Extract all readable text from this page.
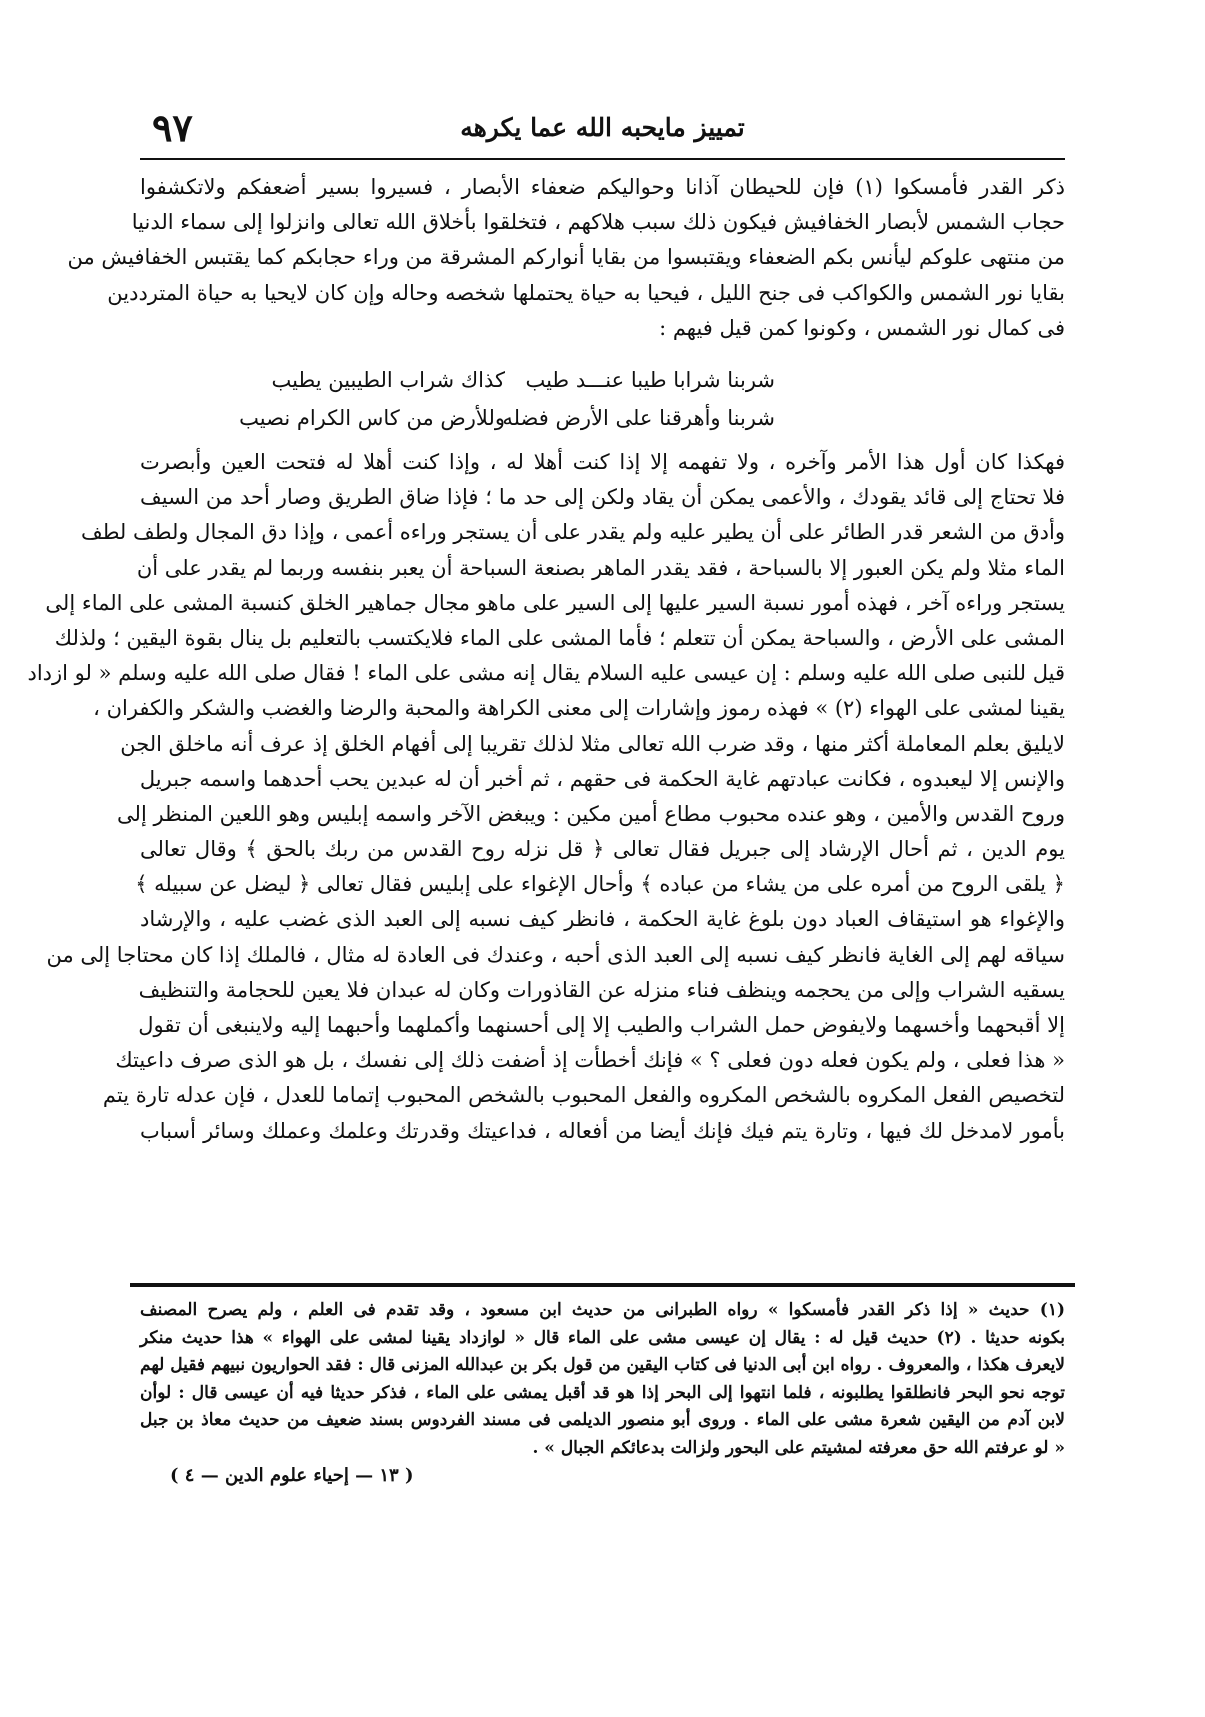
تمييز مايحبه الله عما يكرهه
٩٧
ذكر القدر فأمسكوا (١) فإن للحيطان آذانا وحواليكم ضعفاء الأبصار ، فسيروا بسير أضعفكم ولاتكشفوا
حجاب الشمس لأبصار الخفافيش فيكون ذلك سبب هلاكهم ، فتخلقوا بأخلاق الله تعالى وانزلوا إلى سماء الدنيا
من منتهى علوكم ليأنس بكم الضعفاء ويقتبسوا من بقايا أنواركم المشرقة من وراء حجابكم كما يقتبس الخفافيش من
بقايا نور الشمس والكواكب فى جنح الليل ، فيحيا به حياة يحتملها شخصه وحاله وإن كان لايحيا به حياة المترددين
فى كمال نور الشمس ، وكونوا كمن قيل فيهم :
شربنا شرابا طيبا عنـــد طيب
كذاك شراب الطيبين يطيب
شربنا وأهرقنا على الأرض فضله
وللأرض من كاس الكرام نصيب
فهكذا كان أول هذا الأمر وآخره ، ولا تفهمه إلا إذا كنت أهلا له ، وإذا كنت أهلا له فتحت العين وأبصرت
فلا تحتاج إلى قائد يقودك ، والأعمى يمكن أن يقاد ولكن إلى حد ما ؛ فإذا ضاق الطريق وصار أحد من السيف
وأدق من الشعر قدر الطائر على أن يطير عليه ولم يقدر على أن يستجر وراءه أعمى ، وإذا دق المجال ولطف لطف
الماء مثلا ولم يكن العبور إلا بالسباحة ، فقد يقدر الماهر بصنعة السباحة أن يعبر بنفسه وربما لم يقدر على أن
يستجر وراءه آخر ، فهذه أمور نسبة السير عليها إلى السير على ماهو مجال جماهير الخلق كنسبة المشى على الماء إلى
المشى على الأرض ، والسباحة يمكن أن تتعلم ؛ فأما المشى على الماء فلايكتسب بالتعليم بل ينال بقوة اليقين ؛ ولذلك
قيل للنبى صلى الله عليه وسلم : إن عيسى عليه السلام يقال إنه مشى على الماء ! فقال صلى الله عليه وسلم « لو ازداد
يقينا لمشى على الهواء (٢) » فهذه رموز وإشارات إلى معنى الكراهة والمحبة والرضا والغضب والشكر والكفران ،
لايليق بعلم المعاملة أكثر منها ، وقد ضرب الله تعالى مثلا لذلك تقريبا إلى أفهام الخلق إذ عرف أنه ماخلق الجن
والإنس إلا ليعبدوه ، فكانت عبادتهم غاية الحكمة فى حقهم ، ثم أخبر أن له عبدين يحب أحدهما واسمه جبريل
وروح القدس والأمين ، وهو عنده محبوب مطاع أمين مكين : ويبغض الآخر واسمه إبليس وهو اللعين المنظر إلى
يوم الدين ، ثم أحال الإرشاد إلى جبريل فقال تعالى ﴿ قل نزله روح القدس من ربك بالحق ﴾ وقال تعالى
﴿ يلقى الروح من أمره على من يشاء من عباده ﴾ وأحال الإغواء على إبليس فقال تعالى ﴿ ليضل عن سبيله ﴾
والإغواء هو استيقاف العباد دون بلوغ غاية الحكمة ، فانظر كيف نسبه إلى العبد الذى غضب عليه ، والإرشاد
سياقه لهم إلى الغاية فانظر كيف نسبه إلى العبد الذى أحبه ، وعندك فى العادة له مثال ، فالملك إذا كان محتاجا إلى من
يسقيه الشراب وإلى من يحجمه وينظف فناء منزله عن القاذورات وكان له عبدان فلا يعين للحجامة والتنظيف
إلا أقبحهما وأخسهما ولايفوض حمل الشراب والطيب إلا إلى أحسنهما وأكملهما وأحبهما إليه ولاينبغى أن تقول
« هذا فعلى ، ولم يكون فعله دون فعلى ؟ » فإنك أخطأت إذ أضفت ذلك إلى نفسك ، بل هو الذى صرف داعيتك
لتخصيص الفعل المكروه بالشخص المكروه والفعل المحبوب بالشخص المحبوب إتماما للعدل ، فإن عدله تارة يتم
بأمور لامدخل لك فيها ، وتارة يتم فيك فإنك أيضا من أفعاله ، فداعيتك وقدرتك وعلمك وعملك وسائر أسباب
(١) حديث « إذا ذكر القدر فأمسكوا » رواه الطبرانى من حديث ابن مسعود ، وقد تقدم فى العلم ، ولم يصرح المصنف
بكونه حديثا . (٢) حديث قيل له : يقال إن عيسى مشى على الماء قال « لوازداد يقينا لمشى على الهواء » هذا حديث منكر
لايعرف هكذا ، والمعروف . رواه ابن أبى الدنيا فى كتاب اليقين من قول بكر بن عبدالله المزنى قال : فقد الحواريون نبيهم فقيل لهم
توجه نحو البحر فانطلقوا يطلبونه ، فلما انتهوا إلى البحر إذا هو قد أقبل يمشى على الماء ، فذكر حديثا فيه أن عيسى قال : لوأن
لابن آدم من اليقين شعرة مشى على الماء . وروى أبو منصور الديلمى فى مسند الفردوس بسند ضعيف من حديث معاذ بن جبل
« لو عرفتم الله حق معرفته لمشيتم على البحور ولزالت بدعائكم الجبال » .
( ١٣ — إحياء علوم الدين — ٤ )
